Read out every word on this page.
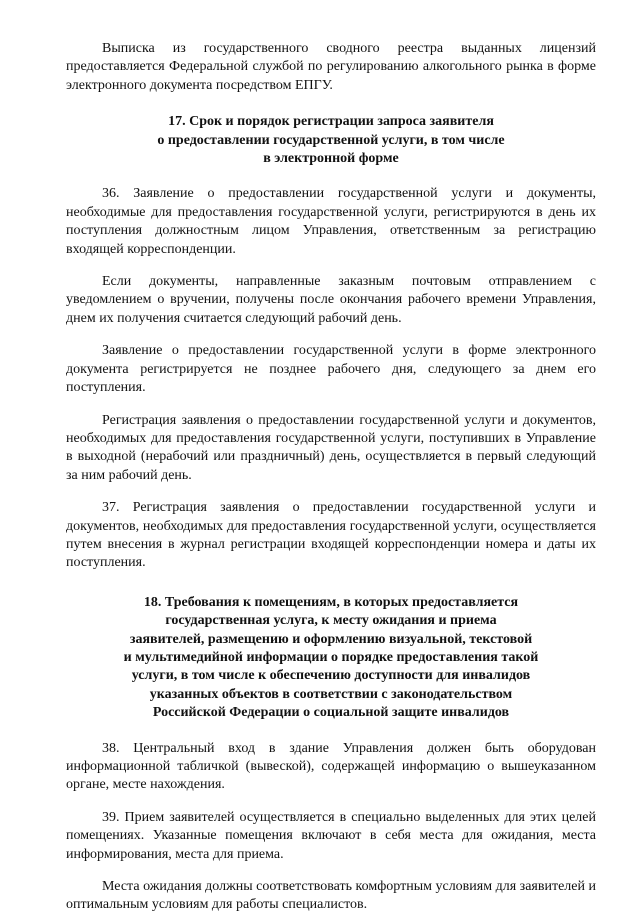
Выписка из государственного сводного реестра выданных лицензий предоставляется Федеральной службой по регулированию алкогольного рынка в форме электронного документа посредством ЕПГУ.

17. Срок и порядок регистрации запроса заявителя
о предоставлении государственной услуги, в том числе
в электронной форме

36. Заявление о предоставлении государственной услуги и документы, необходимые для предоставления государственной услуги, регистрируются в день их поступления должностным лицом Управления, ответственным за регистрацию входящей корреспонденции.

Если документы, направленные заказным почтовым отправлением с уведомлением о вручении, получены после окончания рабочего времени Управления, днем их получения считается следующий рабочий день.

Заявление о предоставлении государственной услуги в форме электронного документа регистрируется не позднее рабочего дня, следующего за днем его поступления.

Регистрация заявления о предоставлении государственной услуги и документов, необходимых для предоставления государственной услуги, поступивших в Управление в выходной (нерабочий или праздничный) день, осуществляется в первый следующий за ним рабочий день.

37. Регистрация заявления о предоставлении государственной услуги и документов, необходимых для предоставления государственной услуги, осуществляется путем внесения в журнал регистрации входящей корреспонденции номера и даты их поступления.

18. Требования к помещениям, в которых предоставляется
государственная услуга, к месту ожидания и приема
заявителей, размещению и оформлению визуальной, текстовой
и мультимедийной информации о порядке предоставления такой
услуги, в том числе к обеспечению доступности для инвалидов
указанных объектов в соответствии с законодательством
Российской Федерации о социальной защите инвалидов

38. Центральный вход в здание Управления должен быть оборудован информационной табличкой (вывеской), содержащей информацию о вышеуказанном органе, месте нахождения.

39. Прием заявителей осуществляется в специально выделенных для этих целей помещениях. Указанные помещения включают в себя места для ожидания, места информирования, места для приема.

Места ожидания должны соответствовать комфортным условиям для заявителей и оптимальным условиям для работы специалистов.
